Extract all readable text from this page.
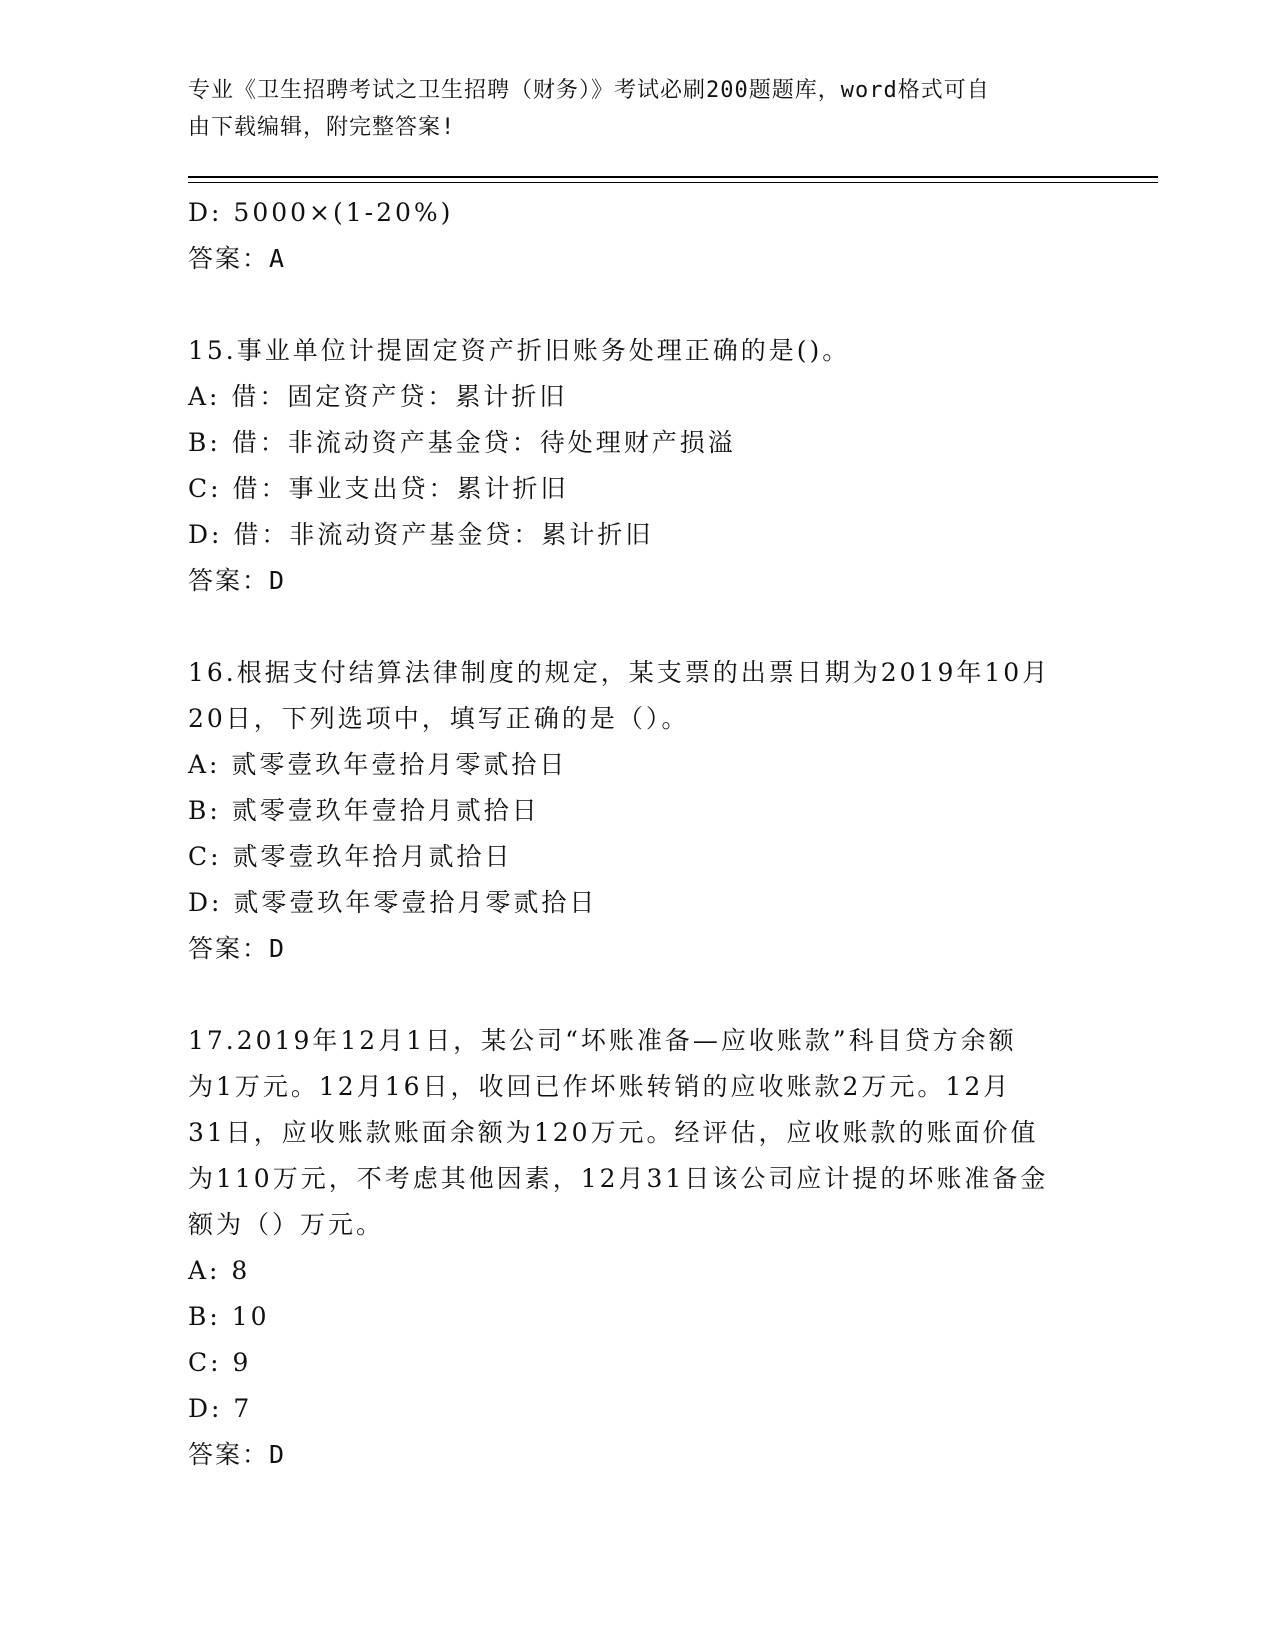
专业《卫生招聘考试之卫生招聘（财务）》考试必刷200题题库，word格式可自
由下载编辑，附完整答案!
D: 5000×(1-20%)
答案：A
15.事业单位计提固定资产折旧账务处理正确的是()。
A: 借：固定资产贷：累计折旧
B: 借：非流动资产基金贷：待处理财产损溢
C: 借：事业支出贷：累计折旧
D: 借：非流动资产基金贷：累计折旧
答案：D
16.根据支付结算法律制度的规定，某支票的出票日期为2019年10月
20日，下列选项中，填写正确的是（）。
A: 贰零壹玖年壹拾月零贰拾日
B: 贰零壹玖年壹拾月贰拾日
C: 贰零壹玖年拾月贰拾日
D: 贰零壹玖年零壹拾月零贰拾日
答案：D
17.2019年12月1日，某公司“坏账准备—应收账款”科目贷方余额
为1万元。12月16日，收回已作坏账转销的应收账款2万元。12月
31日，应收账款账面余额为120万元。经评估，应收账款的账面价值
为110万元，不考虑其他因素，12月31日该公司应计提的坏账准备金
额为（）万元。
A: 8
B: 10
C: 9
D: 7
答案：D
